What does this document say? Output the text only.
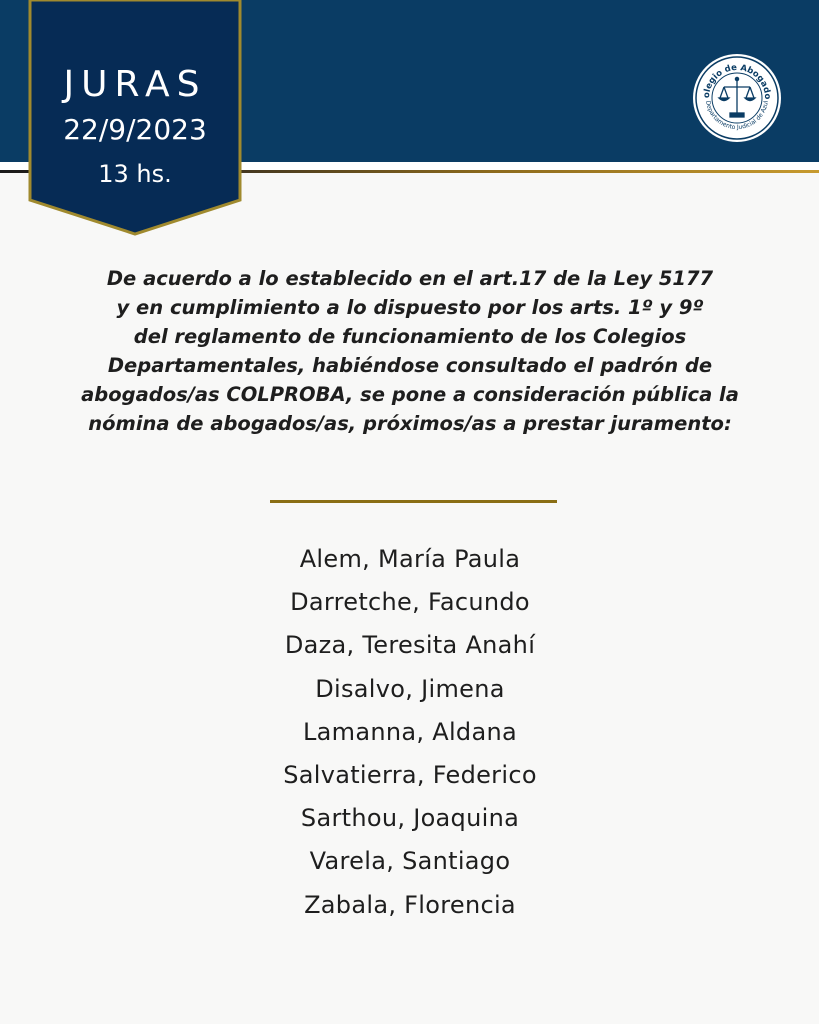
JURAS
22/9/2023
13 hs.
olegio de Abogado
Departamento Judicial de Azul
De acuerdo a lo establecido en el art.17 de la Ley 5177
y en cumplimiento a lo dispuesto por los arts. 1º y 9º
del reglamento de funcionamiento de los Colegios
Departamentales, habiéndose consultado el padrón de
abogados/as COLPROBA, se pone a consideración pública la
nómina de abogados/as, próximos/as a prestar juramento:
Alem, María Paula
Darretche, Facundo
Daza, Teresita Anahí
Disalvo, Jimena
Lamanna, Aldana
Salvatierra, Federico
Sarthou, Joaquina
Varela, Santiago
Zabala, Florencia
